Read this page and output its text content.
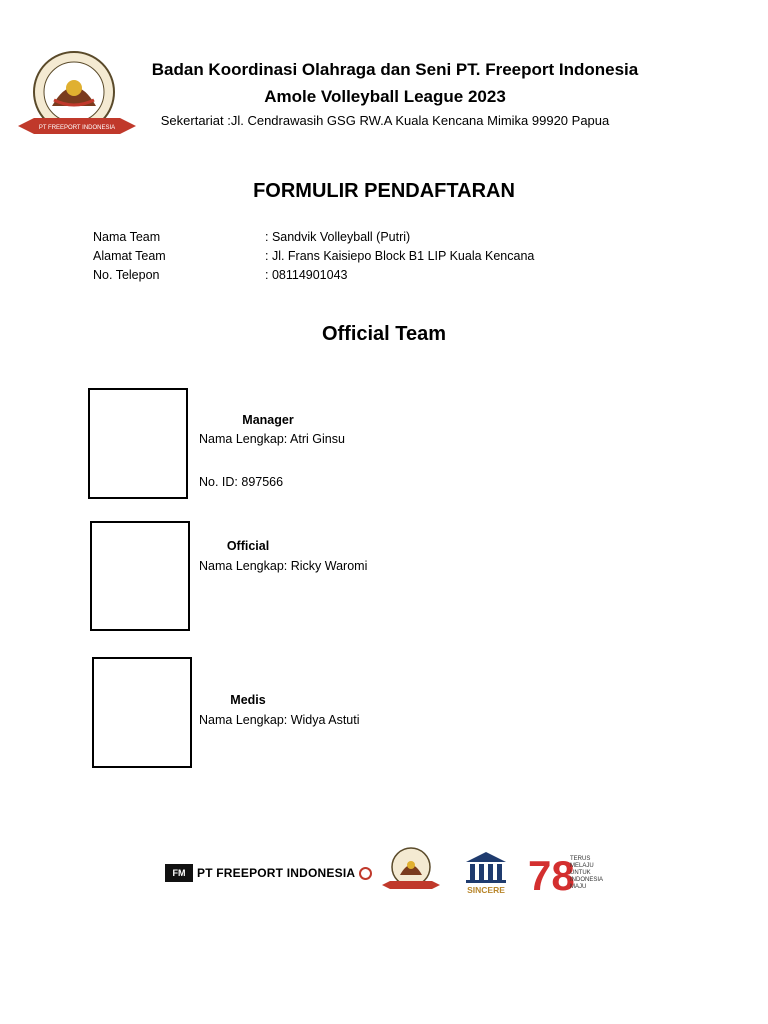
PT FREEPORT INDONESIA
Badan Koordinasi Olahraga dan Seni PT. Freeport Indonesia
Amole Volleyball League 2023
Sekertariat :Jl. Cendrawasih GSG RW.A Kuala Kencana Mimika 99920 Papua
FORMULIR PENDAFTARAN
Nama Team	: Sandvik Volleyball (Putri)
Alamat Team	: Jl. Frans Kaisiepo Block B1 LIP Kuala Kencana
No. Telepon	: 08114901043
Official Team
Manager
Nama Lengkap: Atri Ginsu
No. ID: 897566
Official
Nama Lengkap: Ricky Waromi
Medis
Nama Lengkap: Widya Astuti
FM PT FREEPORT INDONESIA
SINCERE 78
TERUS
MELAJU
UNTUK
INDONESIA
MAJU
